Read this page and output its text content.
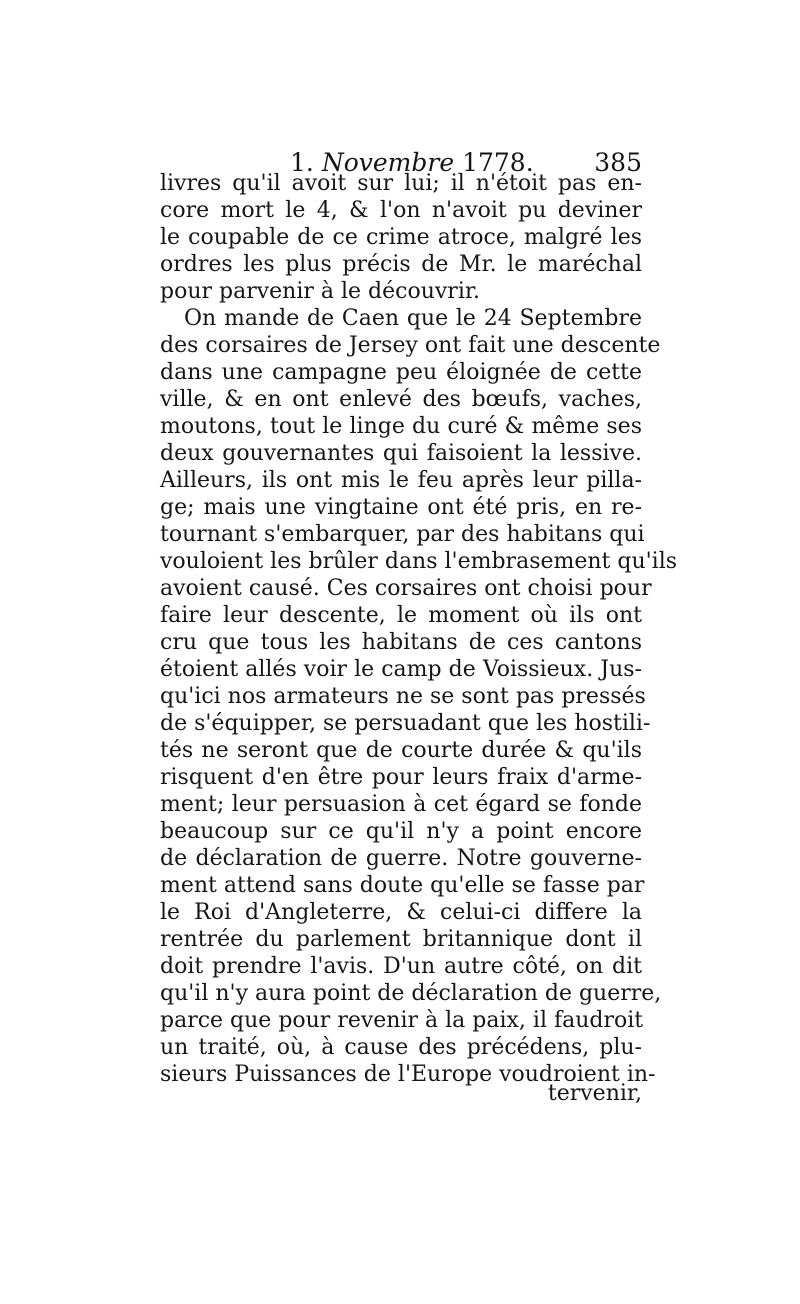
1. Novembre 1778. 385
livres qu'il avoit sur lui; il n'étoit pas en-
core mort le 4, & l'on n'avoit pu deviner
le coupable de ce crime atroce, malgré les
ordres les plus précis de Mr. le maréchal
pour parvenir à le découvrir.
On mande de Caen que le 24 Septembre
des corsaires de Jersey ont fait une descente
dans une campagne peu éloignée de cette
ville, & en ont enlevé des bœufs, vaches,
moutons, tout le linge du curé & même ses
deux gouvernantes qui faisoient la lessive.
Ailleurs, ils ont mis le feu après leur pilla-
ge; mais une vingtaine ont été pris, en re-
tournant s'embarquer, par des habitans qui
vouloient les brûler dans l'embrasement qu'ils
avoient causé. Ces corsaires ont choisi pour
faire leur descente, le moment où ils ont
cru que tous les habitans de ces cantons
étoient allés voir le camp de Voissieux. Jus-
qu'ici nos armateurs ne se sont pas pressés
de s'équipper, se persuadant que les hostili-
tés ne seront que de courte durée & qu'ils
risquent d'en être pour leurs fraix d'arme-
ment; leur persuasion à cet égard se fonde
beaucoup sur ce qu'il n'y a point encore
de déclaration de guerre. Notre gouverne-
ment attend sans doute qu'elle se fasse par
le Roi d'Angleterre, & celui-ci differe la
rentrée du parlement britannique dont il
doit prendre l'avis. D'un autre côté, on dit
qu'il n'y aura point de déclaration de guerre,
parce que pour revenir à la paix, il faudroit
un traité, où, à cause des précédens, plu-
sieurs Puissances de l'Europe voudroient in-
tervenir,
